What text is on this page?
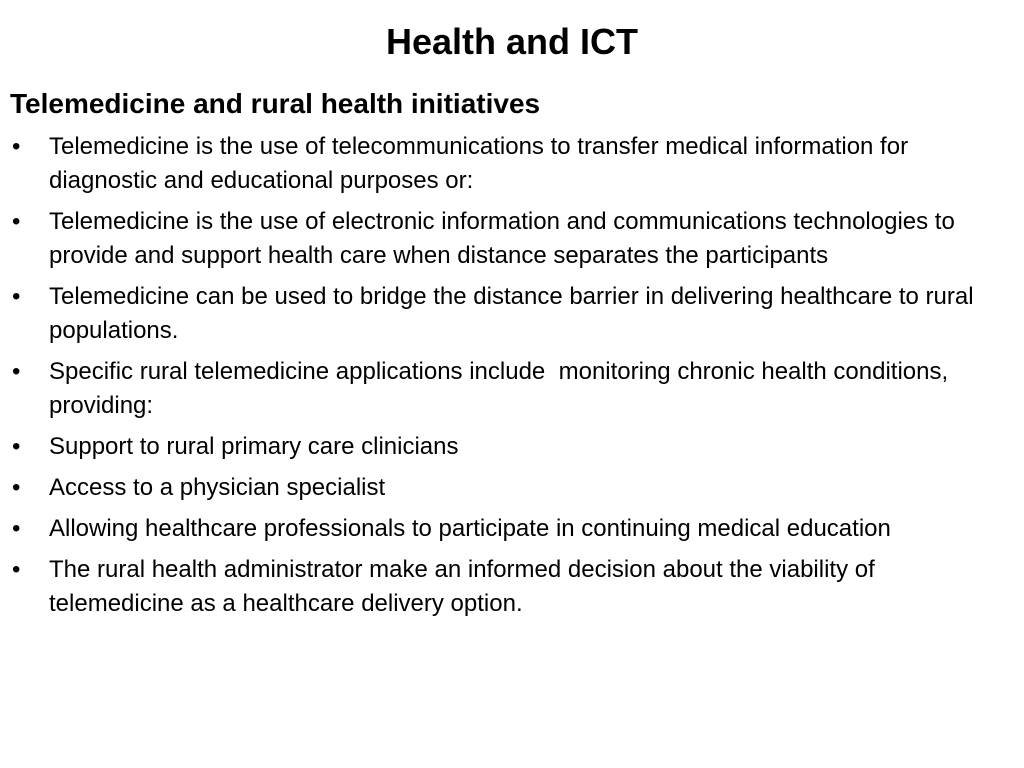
Health and ICT
Telemedicine and rural health initiatives
•	Telemedicine is the use of telecommunications to transfer medical information for diagnostic and educational purposes or:
•	Telemedicine is the use of electronic information and communications technologies to provide and support health care when distance separates the participants
•	Telemedicine can be used to bridge the distance barrier in delivering healthcare to rural populations.
•	Specific rural telemedicine applications include  monitoring chronic health conditions, providing:
•	Support to rural primary care clinicians
•	Access to a physician specialist
•	Allowing healthcare professionals to participate in continuing medical education
•	The rural health administrator make an informed decision about the viability of telemedicine as a healthcare delivery option.
